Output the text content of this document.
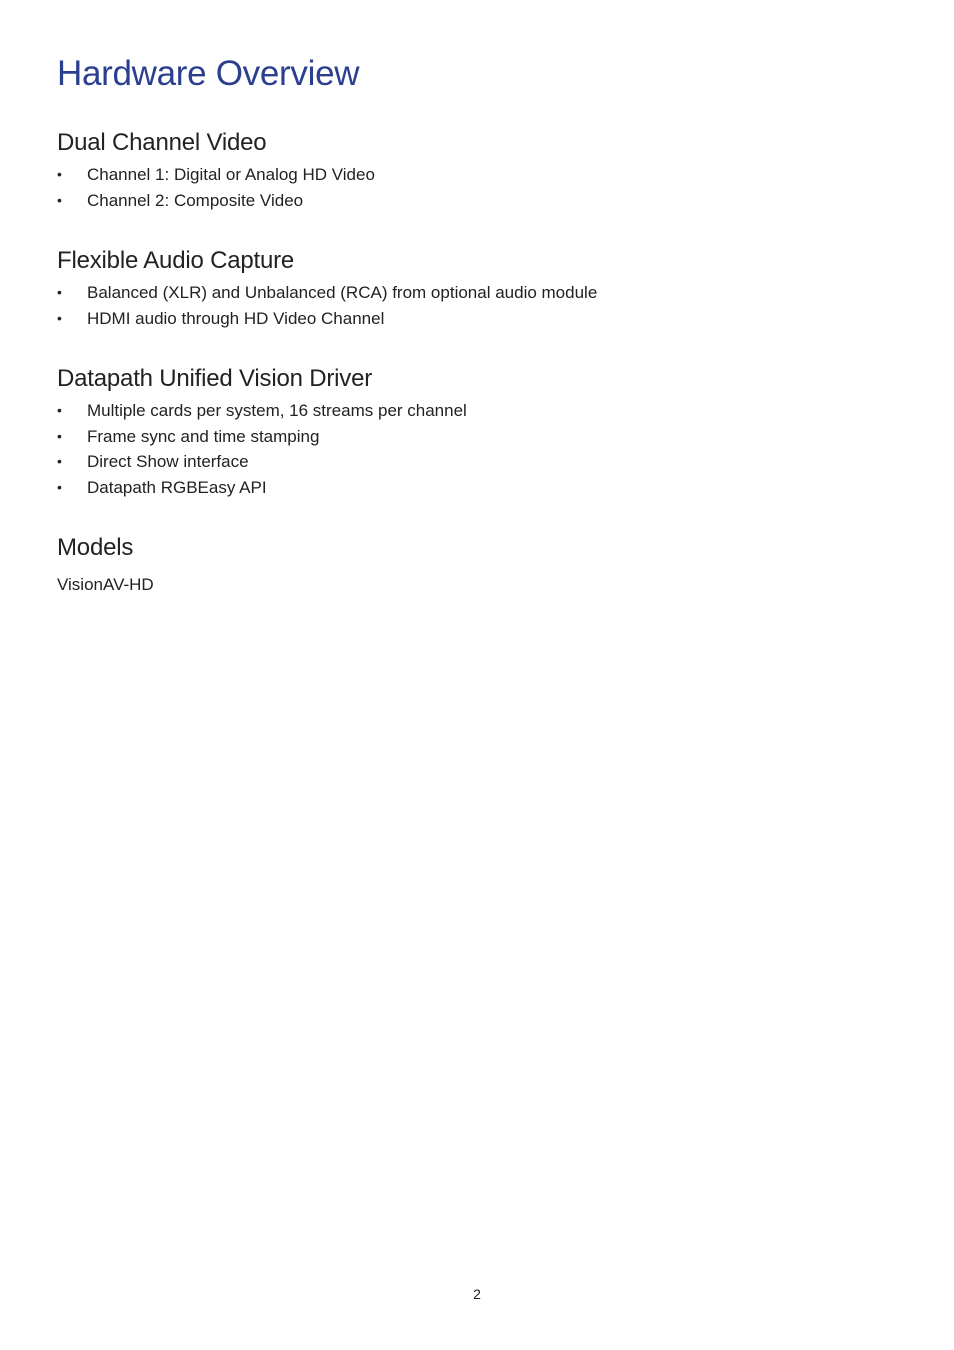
Hardware Overview
Dual Channel Video
• Channel 1: Digital or Analog HD Video
• Channel 2: Composite Video
Flexible Audio Capture
• Balanced (XLR) and Unbalanced (RCA) from optional audio module
• HDMI audio through HD Video Channel
Datapath Unified Vision Driver
• Multiple cards per system, 16 streams per channel
• Frame sync and time stamping
• Direct Show interface
• Datapath RGBEasy API
Models

VisionAV-HD

2
